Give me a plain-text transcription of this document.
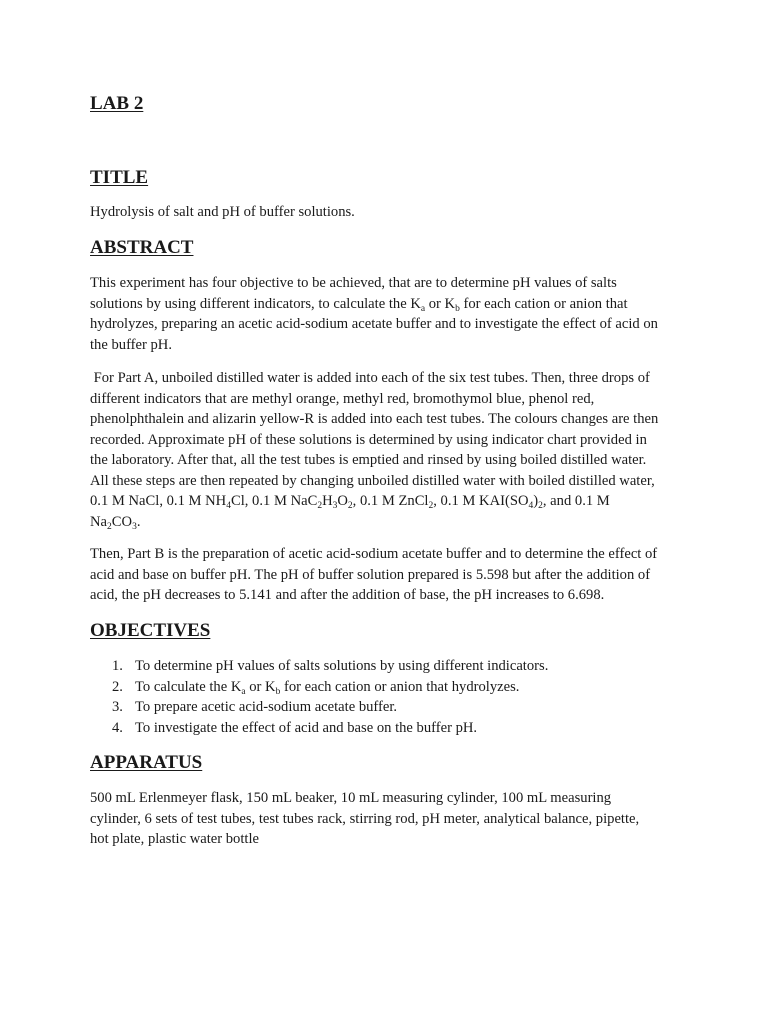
LAB 2
TITLE

Hydrolysis of salt and pH of buffer solutions.

ABSTRACT

This experiment has four objective to be achieved, that are to determine pH values of salts
solutions by using different indicators, to calculate the $K_a$ or $K_b$ for each cation or anion that
hydrolyzes, preparing an acetic acid-sodium acetate buffer and to investigate the effect of acid on
the buffer pH.

For Part A, unboiled distilled water is added into each of the six test tubes. Then, three drops of
different indicators that are methyl orange, methyl red, bromothymol blue, phenol red,
phenolphthalein and alizarin yellow-R is added into each test tubes. The colours changes are then
recorded. Approximate pH of these solutions is determined by using indicator chart provided in
the laboratory. After that, all the test tubes is emptied and rinsed by using boiled distilled water.
All these steps are then repeated by changing unboiled distilled water with boiled distilled water,
0.1 M NaCl, 0.1 M $NH_4Cl$, 0.1 M $NaC_2H_3O_2$, 0.1 M ZnCl$_2$, 0.1 M $KAI(SO_4)_2$, and 0.1 M
$Na_2CO_3$.

Then, Part B is the preparation of acetic acid-sodium acetate buffer and to determine the effect of
acid and base on buffer pH. The pH of buffer solution prepared is 5.598 but after the addition of
acid, the pH decreases to 5.141 and after the addition of base, the pH increases to 6.698.

OBJECTIVES
1. To determine pH values of salts solutions by using different indicators.
2. To calculate the $K_a$ or $K_b$ for each cation or anion that hydrolyzes.
3. To prepare acetic acid-sodium acetate buffer.
4. To investigate the effect of acid and base on the buffer pH.
APPARATUS

500 mL Erlenmeyer flask, 150 mL beaker, 10 mL measuring cylinder, 100 mL measuring
cylinder, 6 sets of test tubes, test tubes rack, stirring rod, pH meter, analytical balance, pipette,
hot plate, plastic water bottle
